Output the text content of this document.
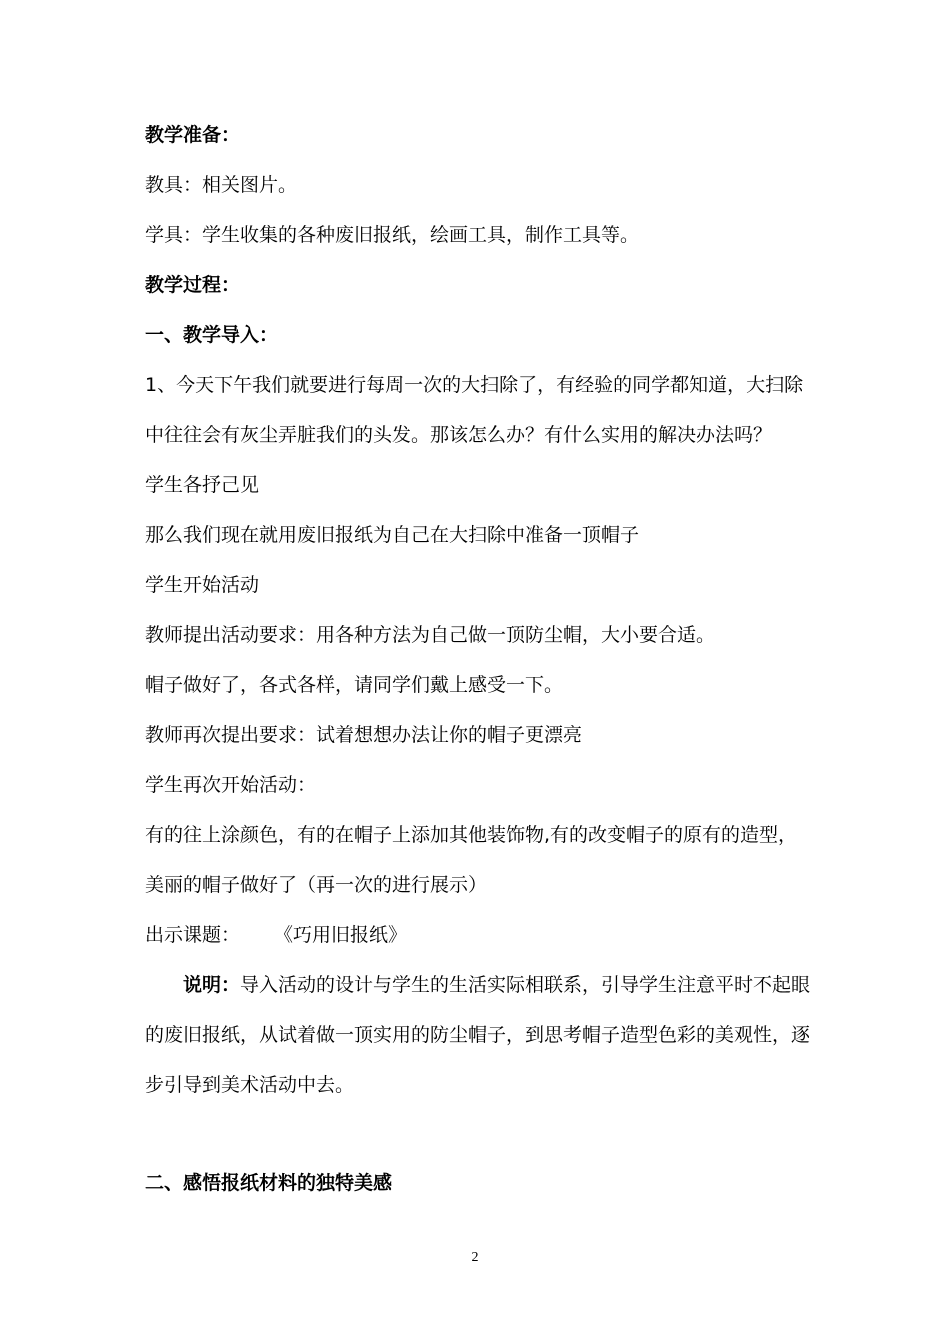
教学准备：
教具：相关图片。
学具：学生收集的各种废旧报纸，绘画工具，制作工具等。
教学过程：
一、教学导入：
1、今天下午我们就要进行每周一次的大扫除了，有经验的同学都知道，大扫除
中往往会有灰尘弄脏我们的头发。那该怎么办？有什么实用的解决办法吗？
学生各抒己见
那么我们现在就用废旧报纸为自己在大扫除中准备一顶帽子
学生开始活动
教师提出活动要求：用各种方法为自己做一顶防尘帽，大小要合适。
帽子做好了，各式各样，请同学们戴上感受一下。
教师再次提出要求：试着想想办法让你的帽子更漂亮
学生再次开始活动：
有的往上涂颜色，有的在帽子上添加其他装饰物,有的改变帽子的原有的造型，
美丽的帽子做好了（再一次的进行展示）
出示课题： 《巧用旧报纸》
说明：导入活动的设计与学生的生活实际相联系，引导学生注意平时不起眼
的废旧报纸，从试着做一顶实用的防尘帽子，到思考帽子造型色彩的美观性，逐
步引导到美术活动中去。
二、感悟报纸材料的独特美感
2
